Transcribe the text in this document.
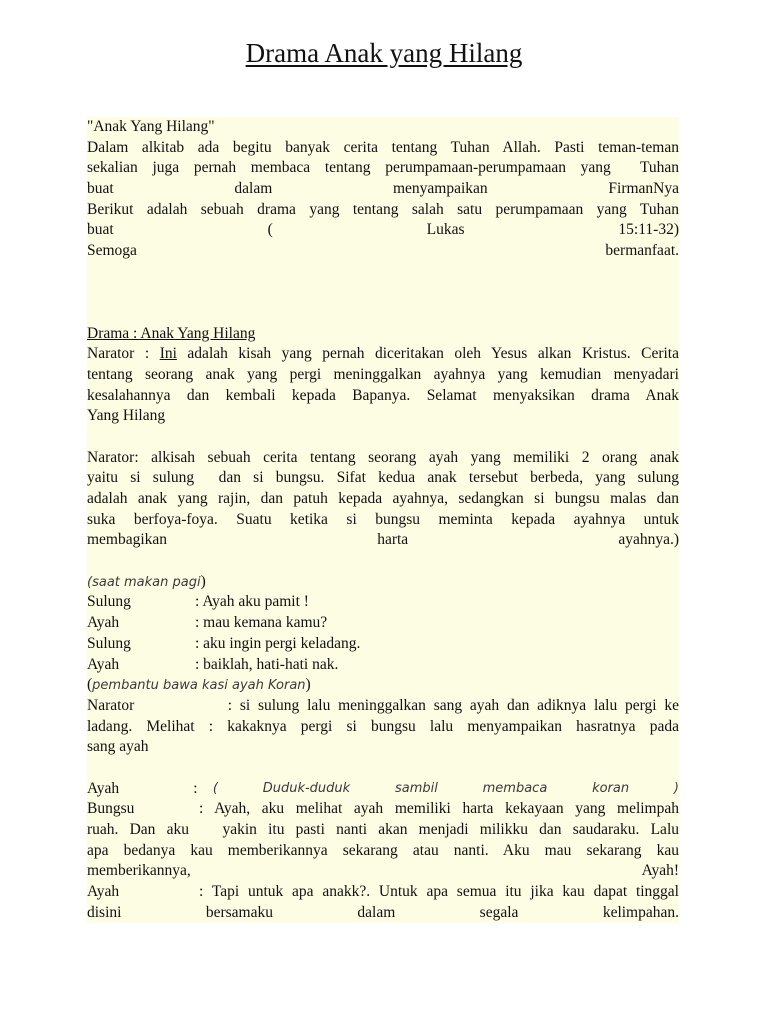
Drama Anak yang Hilang
"Anak Yang Hilang"
Dalam alkitab ada begitu banyak cerita tentang Tuhan Allah. Pasti teman-teman
sekalian juga pernah membaca tentang perumpamaan-perumpamaan yang  Tuhan
buat dalam menyampaikan FirmanNya
Berikut adalah sebuah drama yang tentang salah satu perumpamaan yang Tuhan
buat ( Lukas 15:11-32)
Semoga bermanfaat.
Drama : Anak Yang Hilang
Narator : Ini adalah kisah yang pernah diceritakan oleh Yesus alkan Kristus. Cerita
tentang seorang anak yang pergi meninggalkan ayahnya yang kemudian menyadari
kesalahannya dan kembali kepada Bapanya. Selamat menyaksikan drama Anak
Yang Hilang
Narator: alkisah sebuah cerita tentang seorang ayah yang memiliki 2 orang anak
yaitu si sulung  dan si bungsu. Sifat kedua anak tersebut berbeda, yang sulung
adalah anak yang rajin, dan patuh kepada ayahnya, sedangkan si bungsu malas dan
suka berfoya-foya. Suatu ketika si bungsu meminta kepada ayahnya untuk
membagikan harta ayahnya.)
(saat makan pagi)
Sulung	: Ayah aku pamit !
Ayah	: mau kemana kamu?
Sulung	: aku ingin pergi keladang.
Ayah	: baiklah, hati-hati nak.
(pembantu bawa kasi ayah Koran)
Narator            : si sulung lalu meninggalkan sang ayah dan adiknya lalu pergi ke
ladang. Melihat : kakaknya pergi si bungsu lalu menyampaikan hasratnya pada
sang ayah
Ayah	:	(	Duduk-duduk	sambil	membaca	koran	)
Bungsu	: Ayah, aku melihat ayah memiliki harta kekayaan yang melimpah
ruah. Dan aku   yakin itu pasti nanti akan menjadi milikku dan saudaraku. Lalu
apa bedanya kau memberikannya sekarang atau nanti. Aku mau sekarang kau
memberikannya, Ayah!
Ayah	: Tapi untuk apa anakk?. Untuk apa semua itu jika kau dapat tinggal
disini bersamaku dalam segala kelimpahan.
